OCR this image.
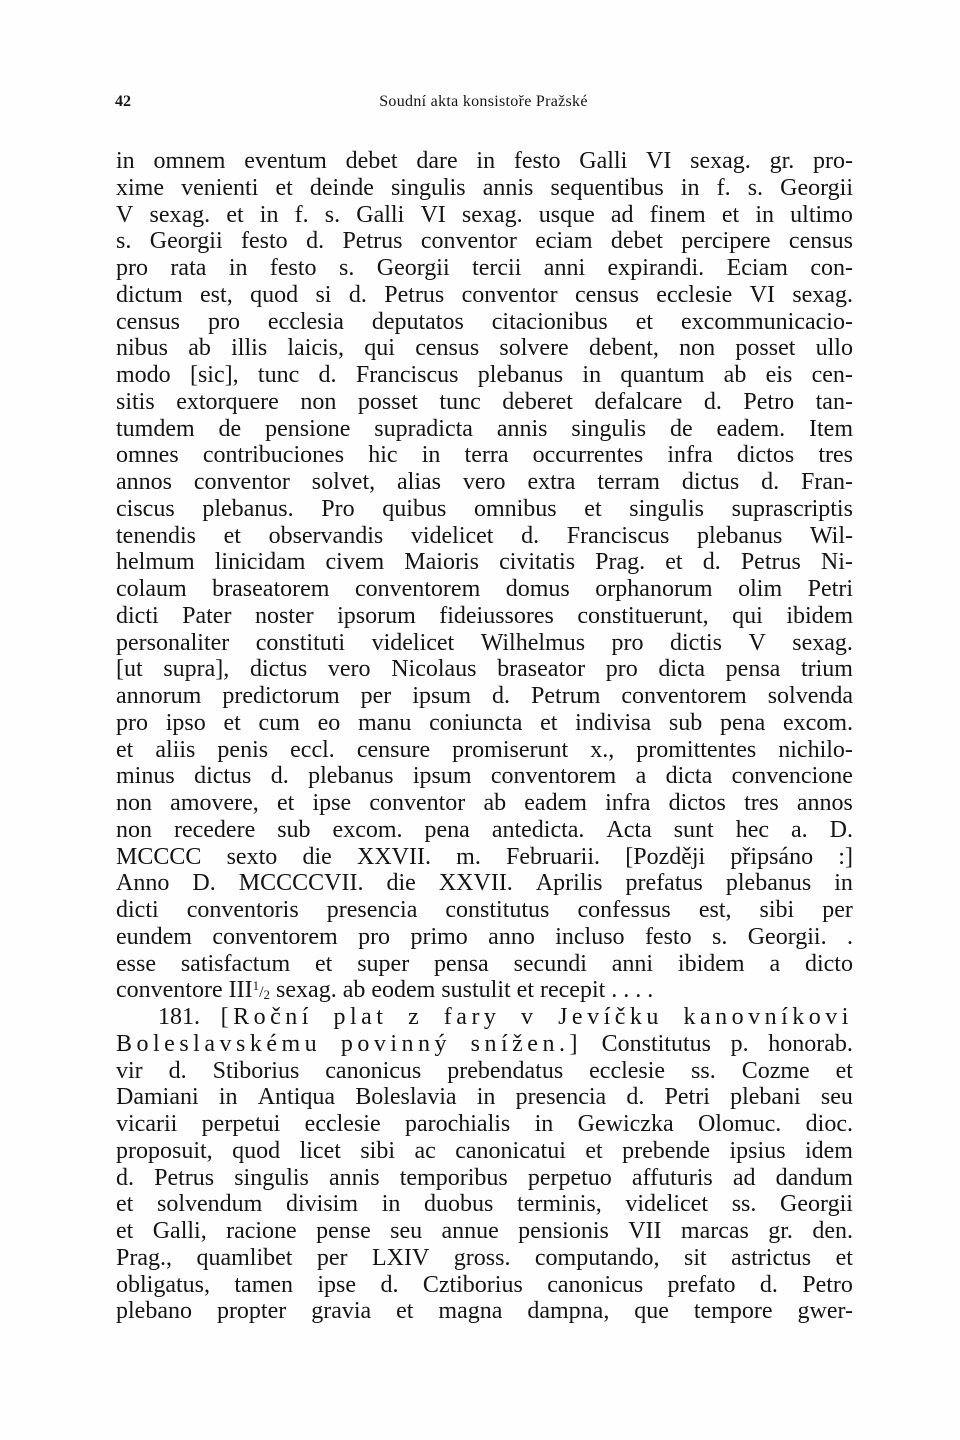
42	Soudní akta konsistoře Pražské
in omnem eventum debet dare in festo Galli VI sexag. gr. pro-
xime venienti et deinde singulis annis sequentibus in f. s. Georgii
V sexag. et in f. s. Galli VI sexag. usque ad finem et in ultimo
s. Georgii festo d. Petrus conventor eciam debet percipere census
pro rata in festo s. Georgii tercii anni expirandi. Eciam con-
dictum est, quod si d. Petrus conventor census ecclesie VI sexag.
census pro ecclesia deputatos citacionibus et excommunicacio-
nibus ab illis laicis, qui census solvere debent, non posset ullo
modo [sic], tunc d. Franciscus plebanus in quantum ab eis cen-
sitis extorquere non posset tunc deberet defalcare d. Petro tan-
tumdem de pensione supradicta annis singulis de eadem. Item
omnes contribuciones hic in terra occurrentes infra dictos tres
annos conventor solvet, alias vero extra terram dictus d. Fran-
ciscus plebanus. Pro quibus omnibus et singulis suprascriptis
tenendis et observandis videlicet d. Franciscus plebanus Wil-
helmum linicidam civem Maioris civitatis Prag. et d. Petrus Ni-
colaum braseatorem conventorem domus orphanorum olim Petri
dicti Pater noster ipsorum fideiussores constituerunt, qui ibidem
personaliter constituti videlicet Wilhelmus pro dictis V sexag.
[ut supra], dictus vero Nicolaus braseator pro dicta pensa trium
annorum predictorum per ipsum d. Petrum conventorem solvenda
pro ipso et cum eo manu coniuncta et indivisa sub pena excom.
et aliis penis eccl. censure promiserunt x., promittentes nichilo-
minus dictus d. plebanus ipsum conventorem a dicta convencione
non amovere, et ipse conventor ab eadem infra dictos tres annos
non recedere sub excom. pena antedicta. Acta sunt hec a. D.
MCCCC sexto die XXVII. m. Februarii. [Později připsáno :]
Anno D. MCCCCVII. die XXVII. Aprilis prefatus plebanus in
dicti conventoris presencia constitutus confessus est, sibi per
eundem conventorem pro primo anno incluso festo s. Georgii. .
esse satisfactum et super pensa secundi anni ibidem a dicto
conventore III $^1/_2$ sexag. ab eodem sustulit et recepit . . . .
181. [Roční plat z fary v Jevíčku kanovníkovi
Boleslavskému povinný snížen.] Constitutus p. honorab.
vir d. Stiborius canonicus prebendatus ecclesie ss. Cozme et
Damiani in Antiqua Boleslavia in presencia d. Petri plebani seu
vicarii perpetui ecclesie parochialis in Gewiczka Olomuc. dioc.
proposuit, quod licet sibi ac canonicatui et prebende ipsius idem
d. Petrus singulis annis temporibus perpetuo affuturis ad dandum
et solvendum divisim in duobus terminis, videlicet ss. Georgii
et Galli, racione pense seu annue pensionis VII marcas gr. den.
Prag., quamlibet per LXIV gross. computando, sit astrictus et
obligatus, tamen ipse d. Cztiborius canonicus prefato d. Petro
plebano propter gravia et magna dampna, que tempore gwer-
